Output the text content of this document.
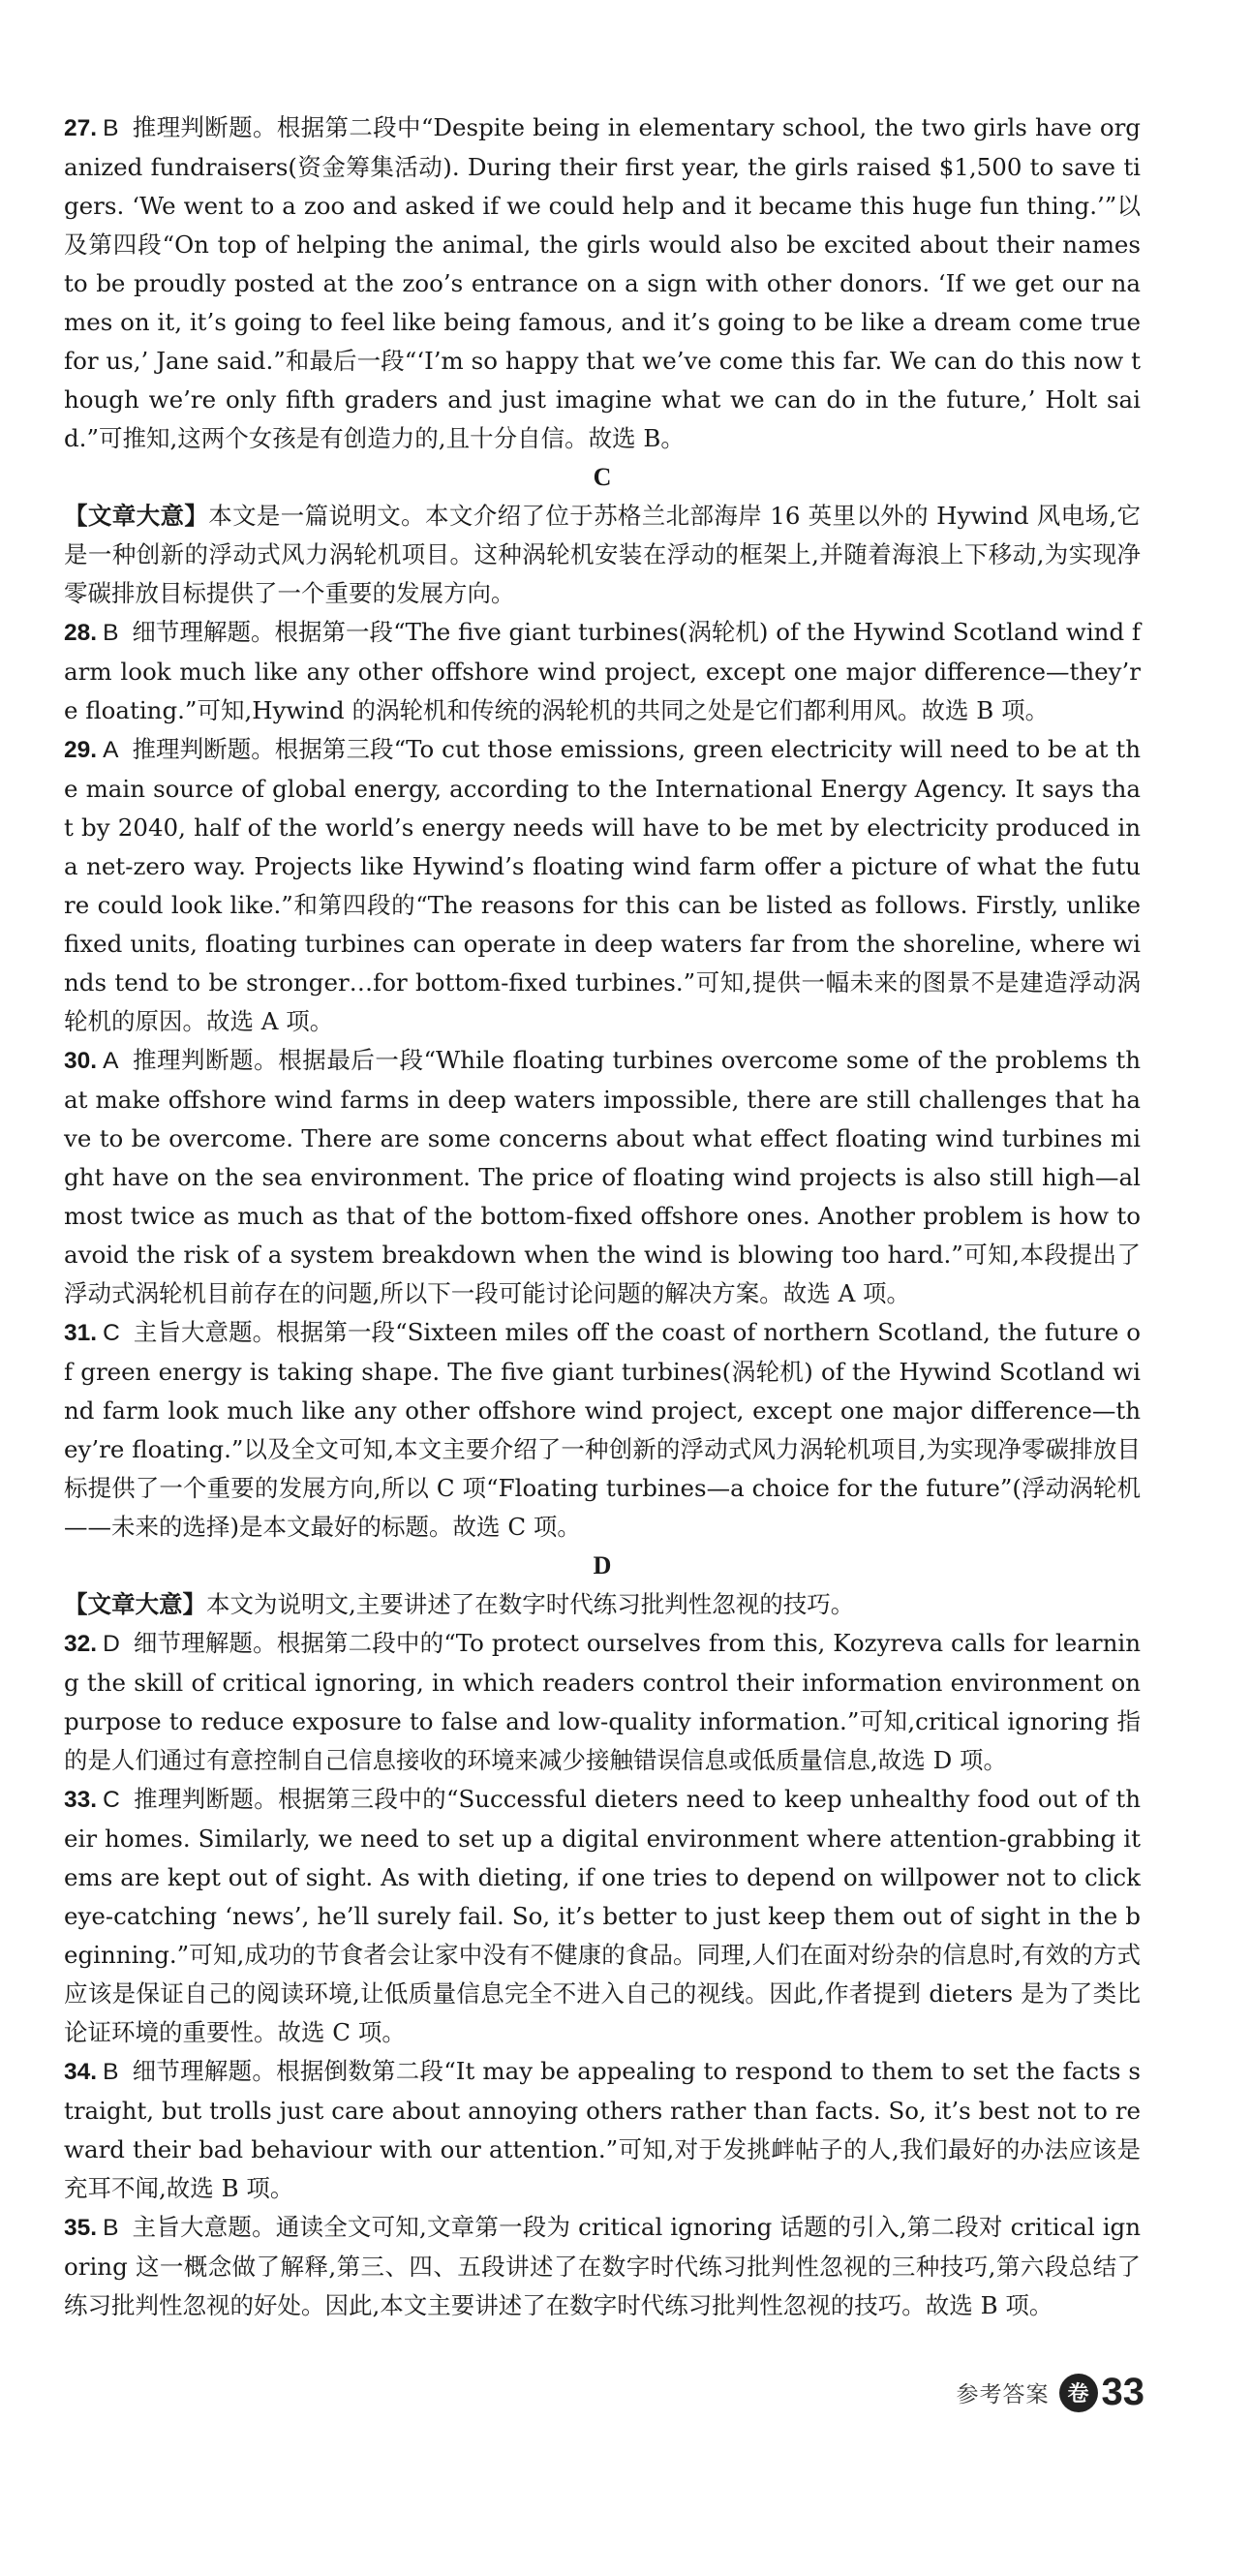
27. B 推理判断题。根据第二段中“Despite being in elementary school, the two girls have organized fundraisers(资金筹集活动). During their first year, the girls raised $1,500 to save tigers. ‘We went to a zoo and asked if we could help and it became this huge fun thing.’”以及第四段“On top of helping the animal, the girls would also be excited about their names to be proudly posted at the zoo’s entrance on a sign with other donors. ‘If we get our names on it, it’s going to feel like being famous, and it’s going to be like a dream come true for us,’ Jane said.”和最后一段“‘I’m so happy that we’ve come this far. We can do this now though we’re only fifth graders and just imagine what we can do in the future,’ Holt said.”可推知,这两个女孩是有创造力的,且十分自信。故选 B。

C

【文章大意】本文是一篇说明文。本文介绍了位于苏格兰北部海岸 16 英里以外的 Hywind 风电场,它是一种创新的浮动式风力涡轮机项目。这种涡轮机安装在浮动的框架上,并随着海浪上下移动,为实现净零碳排放目标提供了一个重要的发展方向。

28. B 细节理解题。根据第一段“The five giant turbines(涡轮机) of the Hywind Scotland wind farm look much like any other offshore wind project, except one major difference—they’re floating.”可知,Hywind 的涡轮机和传统的涡轮机的共同之处是它们都利用风。故选 B 项。

29. A 推理判断题。根据第三段“To cut those emissions, green electricity will need to be at the main source of global energy, according to the International Energy Agency. It says that by 2040, half of the world’s energy needs will have to be met by electricity produced in a net-zero way. Projects like Hywind’s floating wind farm offer a picture of what the future could look like.”和第四段的“The reasons for this can be listed as follows. Firstly, unlike fixed units, floating turbines can operate in deep waters far from the shoreline, where winds tend to be stronger…for bottom-fixed turbines.”可知,提供一幅未来的图景不是建造浮动涡轮机的原因。故选 A 项。

30. A 推理判断题。根据最后一段“While floating turbines overcome some of the problems that make offshore wind farms in deep waters impossible, there are still challenges that have to be overcome. There are some concerns about what effect floating wind turbines might have on the sea environment. The price of floating wind projects is also still high—almost twice as much as that of the bottom-fixed offshore ones. Another problem is how to avoid the risk of a system breakdown when the wind is blowing too hard.”可知,本段提出了浮动式涡轮机目前存在的问题,所以下一段可能讨论问题的解决方案。故选 A 项。

31. C 主旨大意题。根据第一段“Sixteen miles off the coast of northern Scotland, the future of green energy is taking shape. The five giant turbines(涡轮机) of the Hywind Scotland wind farm look much like any other offshore wind project, except one major difference—they’re floating.”以及全文可知,本文主要介绍了一种创新的浮动式风力涡轮机项目,为实现净零碳排放目标提供了一个重要的发展方向,所以 C 项“Floating turbines—a choice for the future”(浮动涡轮机——未来的选择)是本文最好的标题。故选 C 项。

D

【文章大意】本文为说明文,主要讲述了在数字时代练习批判性忽视的技巧。

32. D 细节理解题。根据第二段中的“To protect ourselves from this, Kozyreva calls for learning the skill of critical ignoring, in which readers control their information environment on purpose to reduce exposure to false and low-quality information.”可知,critical ignoring 指的是人们通过有意控制自己信息接收的环境来减少接触错误信息或低质量信息,故选 D 项。

33. C 推理判断题。根据第三段中的“Successful dieters need to keep unhealthy food out of their homes. Similarly, we need to set up a digital environment where attention-grabbing items are kept out of sight. As with dieting, if one tries to depend on willpower not to click eye-catching ‘news’, he’ll surely fail. So, it’s better to just keep them out of sight in the beginning.”可知,成功的节食者会让家中没有不健康的食品。同理,人们在面对纷杂的信息时,有效的方式应该是保证自己的阅读环境,让低质量信息完全不进入自己的视线。因此,作者提到 dieters 是为了类比论证环境的重要性。故选 C 项。

34. B 细节理解题。根据倒数第二段“It may be appealing to respond to them to set the facts straight, but trolls just care about annoying others rather than facts. So, it’s best not to reward their bad behaviour with our attention.”可知,对于发挑衅帖子的人,我们最好的办法应该是充耳不闻,故选 B 项。

35. B 主旨大意题。通读全文可知,文章第一段为 critical ignoring 话题的引入,第二段对 critical ignoring 这一概念做了解释,第三、四、五段讲述了在数字时代练习批判性忽视的三种技巧,第六段总结了练习批判性忽视的好处。因此,本文主要讲述了在数字时代练习批判性忽视的技巧。故选 B 项。

参考答案 卷 33
